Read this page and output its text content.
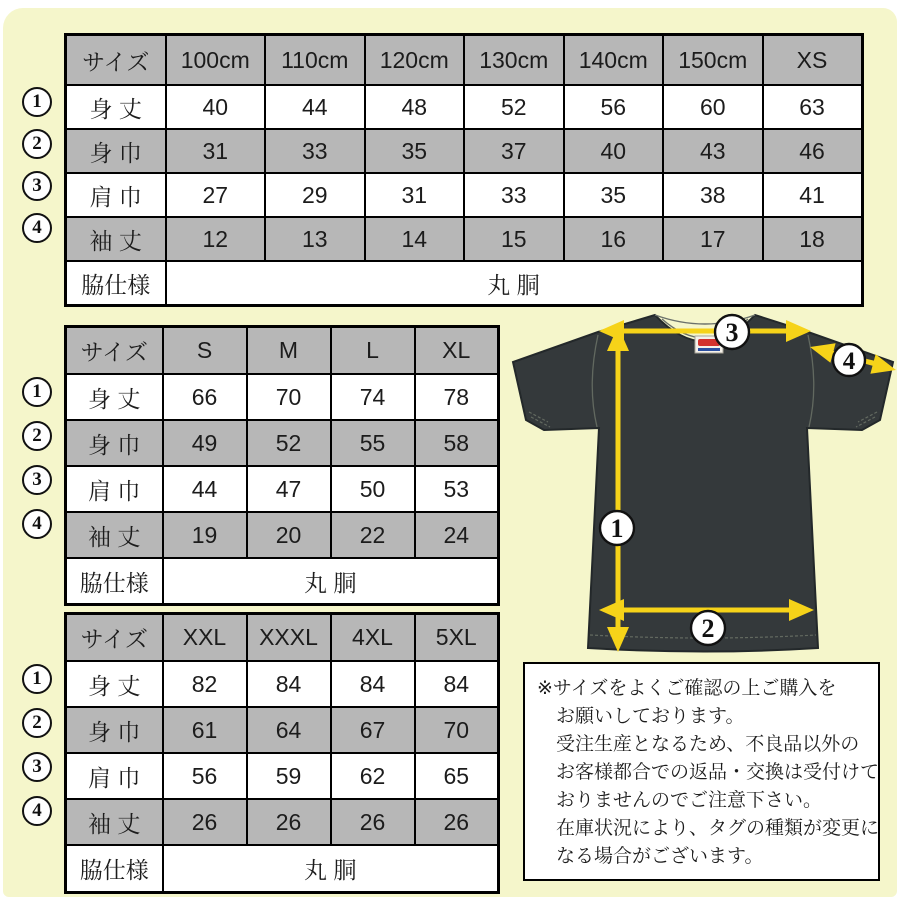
サイズ	100cm	110cm	120cm	130cm	140cm	150cm	XS
身 丈	40	44	48	52	56	60	63
身 巾	31	33	35	37	40	43	46
肩 巾	27	29	31	33	35	38	41
袖 丈	12	13	14	15	16	17	18
脇仕様	丸 胴						
サイズ	S	M	L	XL
身 丈	66	70	74	78
身 巾	49	52	55	58
肩 巾	44	47	50	53
袖 丈	19	20	22	24
脇仕様	丸 胴			
サイズ	XXL	XXXL	4XL	5XL
身 丈	82	84	84	84
身 巾	61	64	67	70
肩 巾	56	59	62	65
袖 丈	26	26	26	26
脇仕様	丸 胴			
1
2
3
4
1
2
3
4
1
2
3
4
1
2
3
4
※サイズをよくご確認の上ご購入を
お願いしております。
受注生産となるため、不良品以外の
お客様都合での返品・交換は受付けて
おりませんのでご注意下さい。
在庫状況により、タグの種類が変更に
なる場合がございます。
